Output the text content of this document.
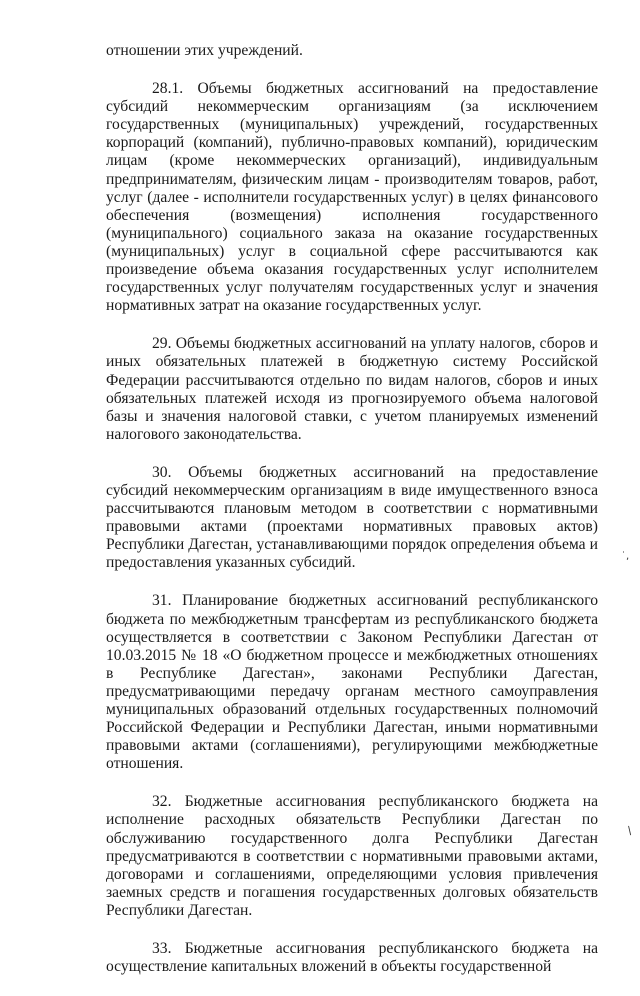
отношении этих учреждений.

28.1. Объемы бюджетных ассигнований на предоставление субсидий некоммерческим организациям (за исключением государственных (муниципальных) учреждений, государственных корпораций (компаний), публично-правовых компаний), юридическим лицам (кроме некоммерческих организаций), индивидуальным предпринимателям, физическим лицам - производителям товаров, работ, услуг (далее - исполнители государственных услуг) в целях финансового обеспечения (возмещения) исполнения государственного (муниципального) социального заказа на оказание государственных (муниципальных) услуг в социальной сфере рассчитываются как произведение объема оказания государственных услуг исполнителем государственных услуг получателям государственных услуг и значения нормативных затрат на оказание государственных услуг.

29. Объемы бюджетных ассигнований на уплату налогов, сборов и иных обязательных платежей в бюджетную систему Российской Федерации рассчитываются отдельно по видам налогов, сборов и иных обязательных платежей исходя из прогнозируемого объема налоговой базы и значения налоговой ставки, с учетом планируемых изменений налогового законодательства.

30. Объемы бюджетных ассигнований на предоставление субсидий некоммерческим организациям в виде имущественного взноса рассчитываются плановым методом в соответствии с нормативными правовыми актами (проектами нормативных правовых актов) Республики Дагестан, устанавливающими порядок определения объема и предоставления указанных субсидий.

31. Планирование бюджетных ассигнований республиканского бюджета по межбюджетным трансфертам из республиканского бюджета осуществляется в соответствии с Законом Республики Дагестан от 10.03.2015 № 18 «О бюджетном процессе и межбюджетных отношениях в Республике Дагестан», законами Республики Дагестан, предусматривающими передачу органам местного самоуправления муниципальных образований отдельных государственных полномочий Российской Федерации и Республики Дагестан, иными нормативными правовыми актами (соглашениями), регулирующими межбюджетные отношения.

32. Бюджетные ассигнования республиканского бюджета на исполнение расходных обязательств Республики Дагестан по обслуживанию государственного долга Республики Дагестан предусматриваются в соответствии с нормативными правовыми актами, договорами и соглашениями, определяющими условия привлечения заемных средств и погашения государственных долговых обязательств Республики Дагестан.

33. Бюджетные ассигнования республиканского бюджета на осуществление капитальных вложений в объекты государственной

˙,
/
